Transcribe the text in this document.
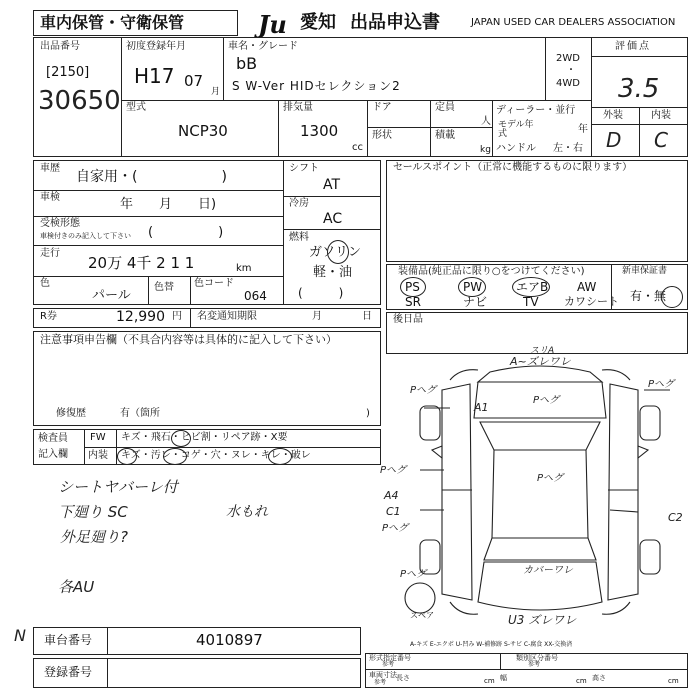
車内保管・守衛保管	Ju 愛知 出品申込書	JAPAN USED CAR DEALERS ASSOCIATION
出品番号
[2150]
30650
初度登録年月
H17 07
月
車名・グレード
bB
S W-Ver HIDセレクション2
2WD
・
4WD
評価点
3.5
外装	内装
D C
型式
NCP30
排気量
1300
cc
ドア
形状
定員
人
積載
kg
ディーラー・並行
モデル年式	年
ハンドル 左・右
車歴
自家用・(　　　　　　)
車検	年　　月　　日)
受検形態
車検付きのみ記入して下さい (　　　　　)
走行
20万 4千 2 1 1	km
色
パール
色替 色コード
064
シフト
AT
冷房
AC
燃料
ガソリン
軽・油
(　　　)
R券	12,990 円 名変通知期限	月	日
セールスポイント（正常に機能するものに限ります）
装備品(純正品に限り○をつけてください)
PS	PW	エアB AW
SR	ナビ	TV カワシート
新車保証書
有・無
後日品
注意事項申告欄（不具合内容等は具体的に記入して下さい）
修復歴	有（箇所	)
検査員
記入欄
FW キズ・飛石・ヒビ割・リペア跡・X要
内装 キズ・汚レ・コゲ・穴・ヌレ・キレ・破レ
シートヤバーレ付
下廻り SC	水もれ
外足廻り?
各AU
スリA
A~ズレワレ
Pヘグ
A1
Pヘグ
Pヘグ
Pヘグ
Pヘグ
A4
C1
Pヘグ
C2
Pヘグ	カバーワレ
U3 ズレワレ
スペア
A-キズ E-エクボ U-凹み W-補修跡 S-サビ C-腐食 XX-交換済
N 車台番号	4010897
登録番号
形式指定番号
参考
類別区分番号
参考
車両寸法
参考
長さ	cm 幅	cm 高さ	cm
